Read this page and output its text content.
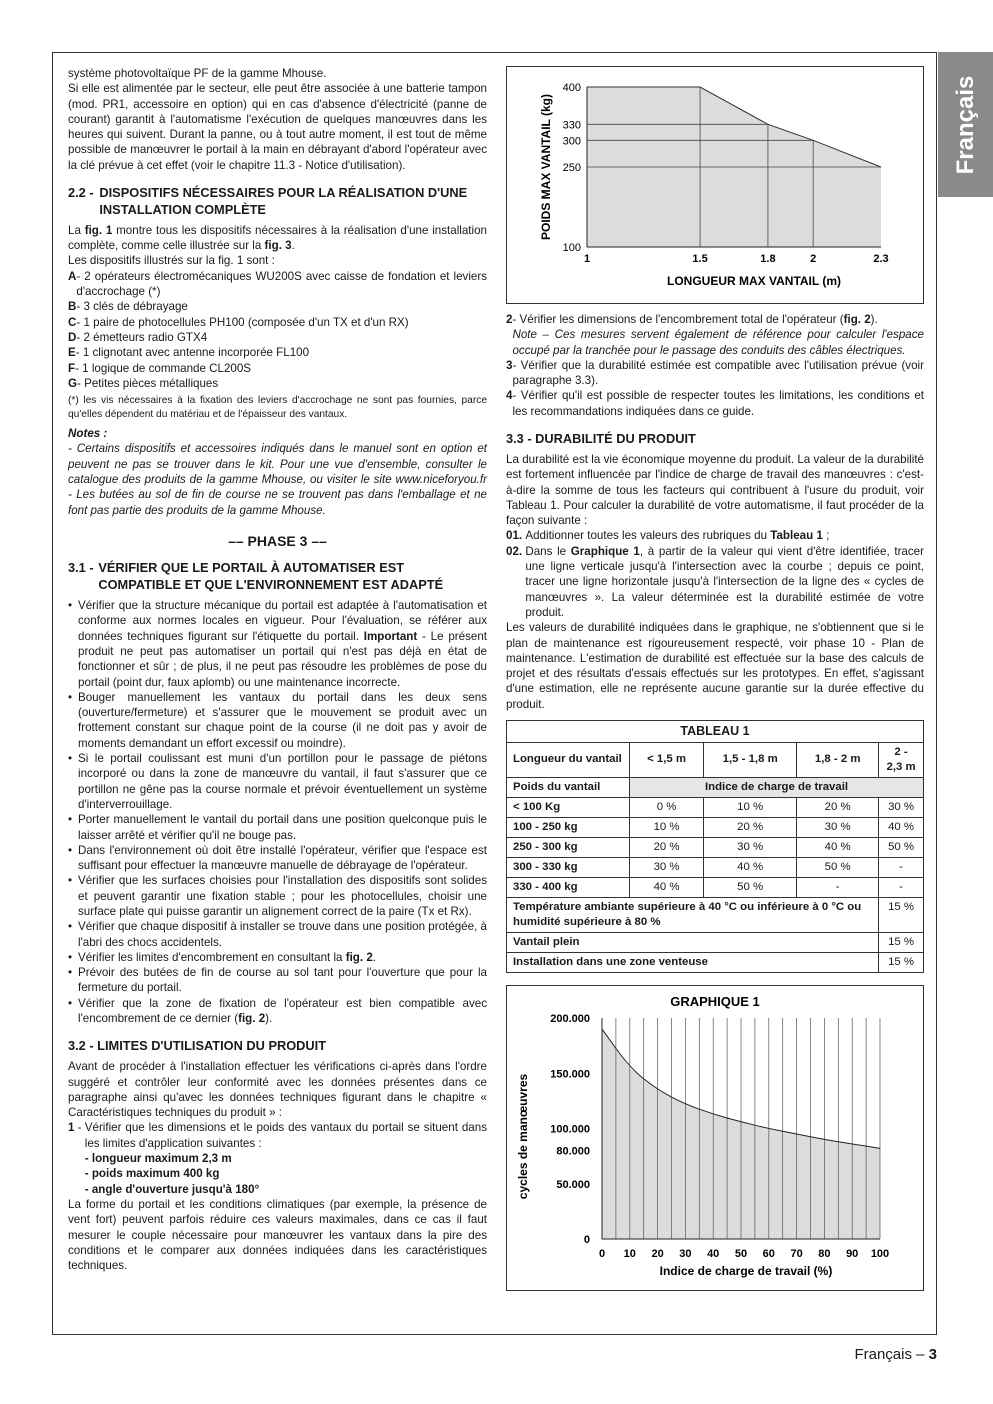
Français

système photovoltaïque PF de la gamme Mhouse.

Si elle est alimentée par le secteur, elle peut être associée à une batterie tampon (mod. PR1, accessoire en option) qui en cas d'absence d'électricité (panne de courant) garantit à l'automatisme l'exécution de quelques manœuvres dans les heures qui suivent. Durant la panne, ou à tout autre moment, il est tout de même possible de manœuvrer le portail à la main en débrayant d'abord l'opérateur avec la clé prévue à cet effet (voir le chapitre 11.3 - Notice d'utilisation).

2.2 - DISPOSITIFS NÉCESSAIRES POUR LA RÉALISATION D'UNE INSTALLATION COMPLÈTE

La fig. 1 montre tous les dispositifs nécessaires à la réalisation d'une installation complète, comme celle illustrée sur la fig. 3.

Les dispositifs illustrés sur la fig. 1 sont :

A - 2 opérateurs électromécaniques WU200S avec caisse de fondation et leviers d'accrochage (*)
B - 3 clés de débrayage
C - 1 paire de photocellules PH100 (composée d'un TX et d'un RX)
D - 2 émetteurs radio GTX4
E - 1 clignotant avec antenne incorporée FL100
F - 1 logique de commande CL200S
G - Petites pièces métalliques

(*) les vis nécessaires à la fixation des leviers d'accrochage ne sont pas fournies, parce qu'elles dépendent du matériau et de l'épaisseur des vantaux.

Notes :

- Certains dispositifs et accessoires indiqués dans le manuel sont en option et peuvent ne pas se trouver dans le kit. Pour une vue d'ensemble, consulter le catalogue des produits de la gamme Mhouse, ou visiter le site www.niceforyou.fr - Les butées au sol de fin de course ne se trouvent pas dans l'emballage et ne font pas partie des produits de la gamme Mhouse.

–– PHASE 3 ––
3.1 - VÉRIFIER QUE LE PORTAIL À AUTOMATISER EST COMPATIBLE ET QUE L'ENVIRONNEMENT EST ADAPTÉ
• Vérifier que la structure mécanique du portail est adaptée à l'automatisation et conforme aux normes locales en vigueur. Pour l'évaluation, se référer aux données techniques figurant sur l'étiquette du portail. Important - Le présent produit ne peut pas automatiser un portail qui n'est pas déjà en état de fonctionner et sûr ; de plus, il ne peut pas résoudre les problèmes de pose du portail (point dur, faux aplomb) ou une maintenance incorrecte.
• Bouger manuellement les vantaux du portail dans les deux sens (ouverture/fermeture) et s'assurer que le mouvement se produit avec un frottement constant sur chaque point de la course (il ne doit pas y avoir de moments demandant un effort excessif ou moindre).
• Si le portail coulissant est muni d'un portillon pour le passage de piétons incorporé ou dans la zone de manœuvre du vantail, il faut s'assurer que ce portillon ne gêne pas la course normale et prévoir éventuellement un système d'interverrouillage.
• Porter manuellement le vantail du portail dans une position quelconque puis le laisser arrêté et vérifier qu'il ne bouge pas.
• Dans l'environnement où doit être installé l'opérateur, vérifier que l'espace est suffisant pour effectuer la manœuvre manuelle de débrayage de l'opérateur.
• Vérifier que les surfaces choisies pour l'installation des dispositifs sont solides et peuvent garantir une fixation stable ; pour les photocellules, choisir une surface plate qui puisse garantir un alignement correct de la paire (Tx et Rx).
• Vérifier que chaque dispositif à installer se trouve dans une position protégée, à l'abri des chocs accidentels.
• Vérifier les limites d'encombrement en consultant la fig. 2.
• Prévoir des butées de fin de course au sol tant pour l'ouverture que pour la fermeture du portail.
• Vérifier que la zone de fixation de l'opérateur est bien compatible avec l'encombrement de ce dernier (fig. 2).
3.2 - LIMITES D'UTILISATION DU PRODUIT

Avant de procéder à l'installation effectuer les vérifications ci-après dans l'ordre suggéré et contrôler leur conformité avec les données présentes dans ce paragraphe ainsi qu'avec les données techniques figurant dans le chapitre « Caractéristiques techniques du produit » :

1 - Vérifier que les dimensions et le poids des vantaux du portail se situent dans les limites d'application suivantes :
- longueur maximum 2,3 m
- poids maximum 400 kg
- angle d'ouverture jusqu'à 180°

La forme du portail et les conditions climatiques (par exemple, la présence de vent fort) peuvent parfois réduire ces valeurs maximales, dans ce cas il faut mesurer le couple nécessaire pour manœuvrer les vantaux dans la pire des conditions et le comparer aux données indiquées dans les caractéristiques techniques.

400
330
300
250
100
1	1.5	1.8	2	2.3
LONGUEUR MAX VANTAIL (m)
POIDS MAX VANTAIL (kg)
2 - Vérifier les dimensions de l'encombrement total de l'opérateur (fig. 2).
Note – Ces mesures servent également de référence pour calculer l'espace occupé par la tranchée pour le passage des conduits des câbles électriques.
3 - Vérifier que la durabilité estimée est compatible avec l'utilisation prévue (voir paragraphe 3.3).
4 - Vérifier qu'il est possible de respecter toutes les limitations, les conditions et les recommandations indiquées dans ce guide.
3.3 - DURABILITÉ DU PRODUIT

La durabilité est la vie économique moyenne du produit. La valeur de la durabilité est fortement influencée par l'indice de charge de travail des manœuvres : c'est-à-dire la somme de tous les facteurs qui contribuent à l'usure du produit, voir Tableau 1. Pour calculer la durabilité de votre automatisme, il faut procéder de la façon suivante :

01.
Additionner toutes les valeurs des rubriques du Tableau 1 ;
02.
Dans le Graphique 1, à partir de la valeur qui vient d'être identifiée, tracer une ligne verticale jusqu'à l'intersection avec la courbe ; depuis ce point, tracer une ligne horizontale jusqu'à l'intersection de la ligne des « cycles de manœuvres ». La valeur déterminée est la durabilité estimée de votre produit.

Les valeurs de durabilité indiquées dans le graphique, ne s'obtiennent que si le plan de maintenance est rigoureusement respecté, voir phase 10 - Plan de maintenance. L'estimation de durabilité est effectuée sur la base des calculs de projet et des résultats d'essais effectués sur les prototypes. En effet, s'agissant d'une estimation, elle ne représente aucune garantie sur la durée effective du produit.

TABLEAU 1				
Longueur du vantail	< 1,5 m	1,5 - 1,8 m	1,8 - 2 m	2 - 2,3 m
Poids du vantail	Indice de charge de travail			
< 100 Kg	0 %	10 %	20 %	30 %
100 - 250 kg	10 %	20 %	30 %	40 %
250 - 300 kg	20 %	30 %	40 %	50 %
300 - 330 kg	30 %	40 %	50 %	-
330 - 400 kg	40 %	50 %	-	-
Température ambiante supérieure à 40 °C ou inférieure à 0 °C ou humidité supérieure à 80 %				15 %
Vantail plein				15 %
Installation dans une zone venteuse				15 %
GRAPHIQUE 1
200.000
150.000
100.000
80.000
50.000
0
0 10 20 30 40 50 60 70 80 90 100
Indice de charge de travail (%)
cycles de manœuvres
Français – 3
